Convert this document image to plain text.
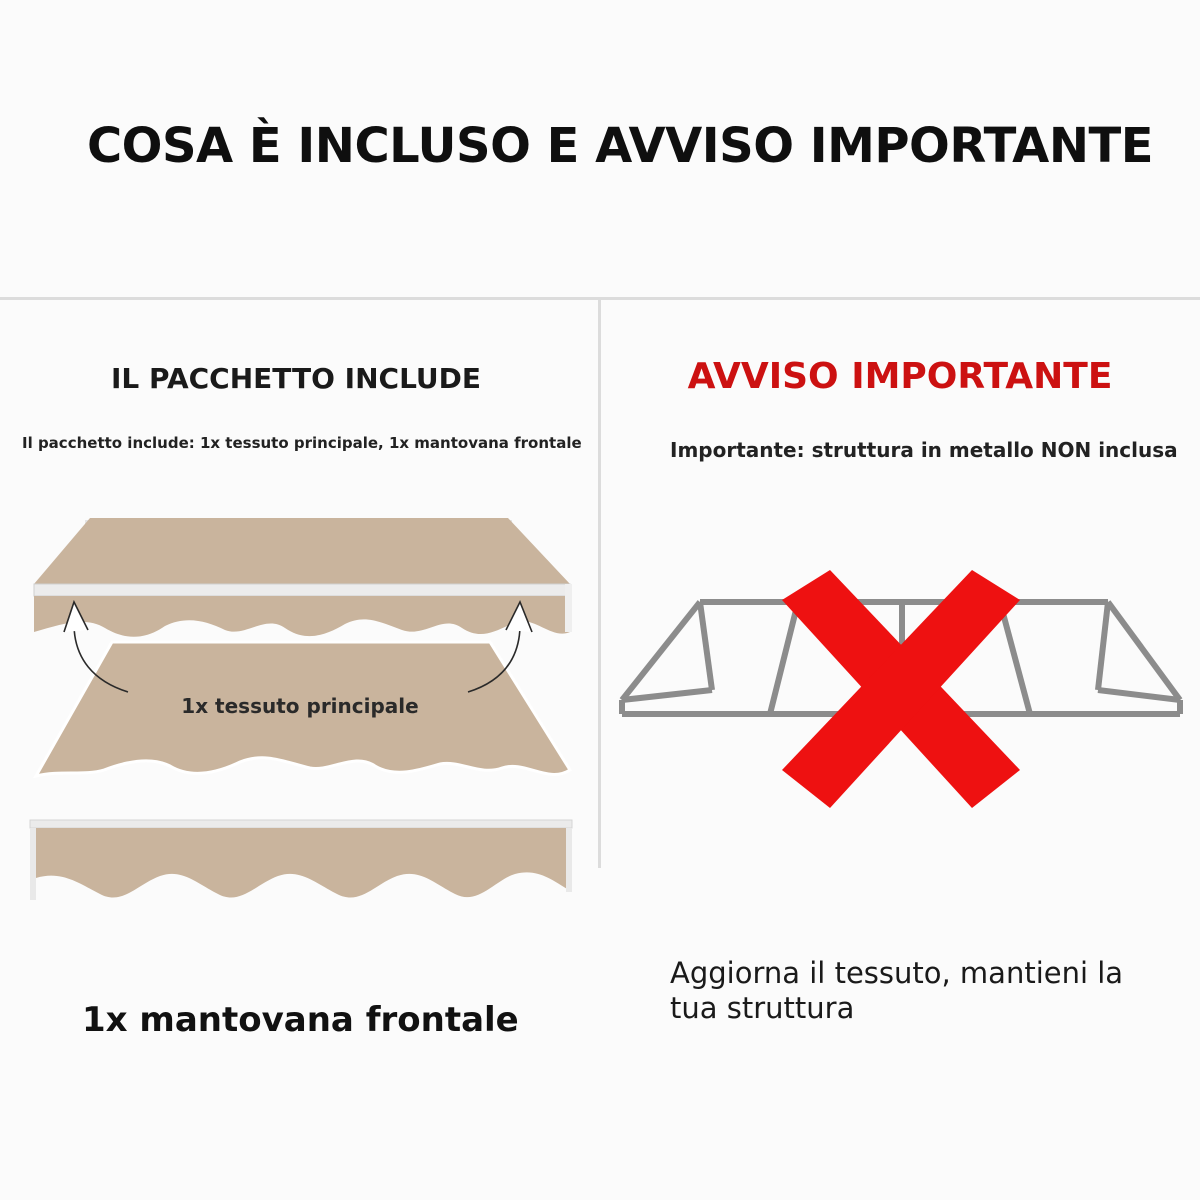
COSA È INCLUSO E AVVISO IMPORTANTE
IL PACCHETTO INCLUDE
Il pacchetto include: 1x tessuto principale, 1x mantovana frontale
AVVISO IMPORTANTE
Importante: struttura in metallo NON inclusa
1x tessuto principale
1x mantovana frontale
Aggiorna il tessuto, mantieni la tua struttura
